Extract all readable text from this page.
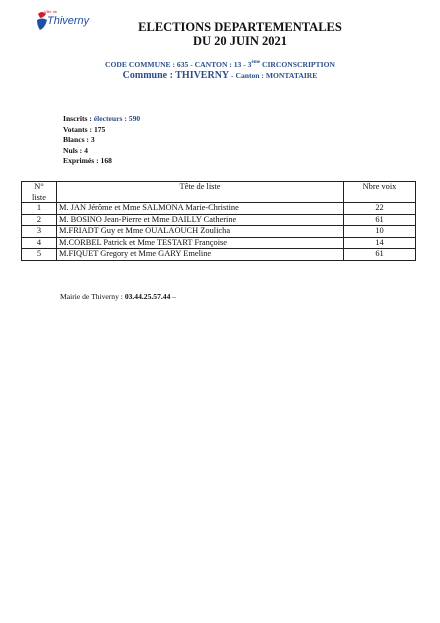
Ville de
Thiverny	ELECTIONS DEPARTEMENTALES
DU 20 JUIN 2021
CODE COMMUNE : 635 - CANTON : 13 - 3ème CIRCONSCRIPTION
Commune : THIVERNY - Canton : MONTATAIRE
Inscrits : électeurs : 590
Votants : 175
Blancs : 3
Nuls : 4
Exprimés : 168
N°
liste	Tête de liste	Nbre voix
1	M. JAN Jérôme et Mme SALMONA Marie-Christine	22
2	M. BOSINO Jean-Pierre et Mme DAILLY Catherine	61
3	M.FRIADT Guy et Mme OUALAOUCH Zoulicha	10
4	M.CORBEL Patrick et Mme TESTART Françoise	14
5	M.FIQUET Gregory et Mme GARY Emeline	61
Mairie de Thiverny : 03.44.25.57.44 –
